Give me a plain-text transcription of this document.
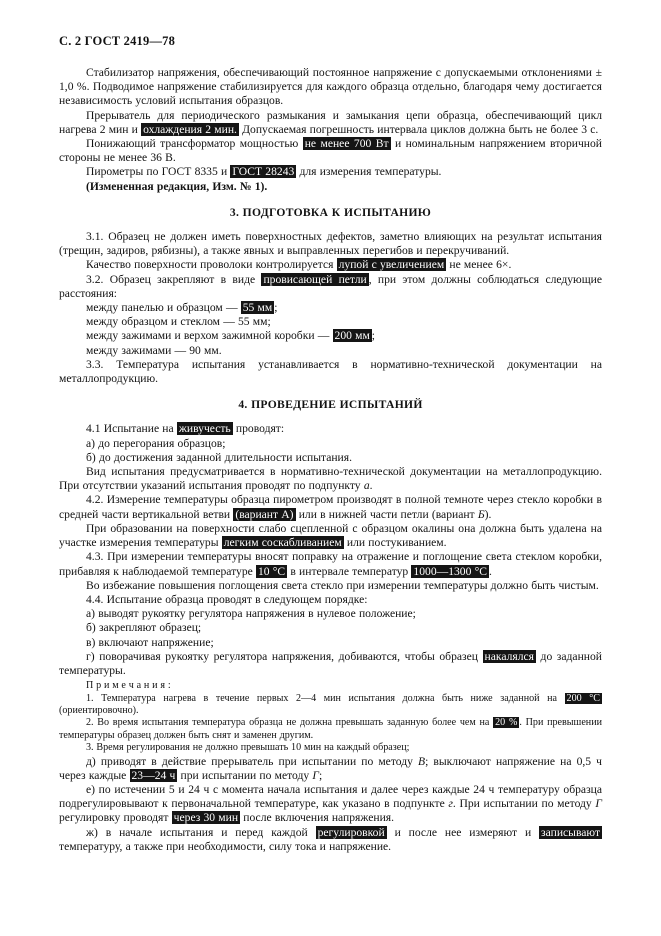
С. 2 ГОСТ 2419—78
Стабилизатор напряжения, обеспечивающий постоянное напряжение с допускаемыми отклонениями ± 1,0 %. Подводимое напряжение стабилизируется для каждого образца отдельно, благодаря чему достигается независимость условий испытания образцов.
Прерыватель для периодического размыкания и замыкания цепи образца, обеспечивающий цикл нагрева 2 мин и охлаждения 2 мин. Допускаемая погрешность интервала циклов должна быть не более 3 с.
Понижающий трансформатор мощностью не менее 700 Вт и номинальным напряжением вторичной стороны не менее 36 В.
Пирометры по ГОСТ 8335 и ГОСТ 28243 для измерения температуры.
(Измененная редакция, Изм. № 1).
3. ПОДГОТОВКА К ИСПЫТАНИЮ
3.1. Образец не должен иметь поверхностных дефектов, заметно влияющих на результат испытания (трещин, задиров, рябизны), а также явных и выправленных перегибов и перекручиваний.
Качество поверхности проволоки контролируется лупой с увеличением не менее 6×.
3.2. Образец закрепляют в виде провисающей петли , при этом должны соблюдаться следующие расстояния:
между панелью и образцом — 55 мм ;
между образцом и стеклом — 55 мм;
между зажимами и верхом зажимной коробки — 200 мм ;
между зажимами — 90 мм.
3.3. Температура испытания устанавливается в нормативно-технической документации на металлопродукцию.
4. ПРОВЕДЕНИЕ ИСПЫТАНИЙ
4.1 Испытание на живучесть проводят:
а) до перегорания образцов;
б) до достижения заданной длительности испытания.
Вид испытания предусматривается в нормативно-технической документации на металлопродукцию. При отсутствии указаний испытания проводят по подпункту а.
4.2. Измерение температуры образца пирометром производят в полной темноте через стекло коробки в средней части вертикальной ветви (вариант А) или в нижней части петли (вариант Б).
При образовании на поверхности слабо сцепленной с образцом окалины она должна быть удалена на участке измерения температуры легким соскабливанием или постукиванием.
4.3. При измерении температуры вносят поправку на отражение и поглощение света стеклом коробки, прибавляя к наблюдаемой температуре 10 °С в интервале температур 1000—1300 °С .
Во избежание повышения поглощения света стекло при измерении температуры должно быть чистым.
4.4. Испытание образца проводят в следующем порядке:
а) выводят рукоятку регулятора напряжения в нулевое положение;
б) закрепляют образец;
в) включают напряжение;
г) поворачивая рукоятку регулятора напряжения, добиваются, чтобы образец накалялся до заданной температуры.
П р и м е ч а н и я :
1. Температура нагрева в течение первых 2—4 мин испытания должна быть ниже заданной на 200 °С (ориентировочно).
2. Во время испытания температура образца не должна превышать заданную более чем на 20 % . При превышении температуры образец должен быть снят и заменен другим.
3. Время регулирования не должно превышать 10 мин на каждый образец;
д) приводят в действие прерыватель при испытании по методу В; выключают напряжение на 0,5 ч через каждые 23—24 ч при испытании по методу Г;
е) по истечении 5 и 24 ч с момента начала испытания и далее через каждые 24 ч температуру образца подрегулировывают к первоначальной температуре, как указано в подпункте г. При испытании по методу Г регулировку проводят через 30 мин после включения напряжения.
ж) в начале испытания и перед каждой регулировкой и после нее измеряют и записывают температуру, а также при необходимости, силу тока и напряжение.
